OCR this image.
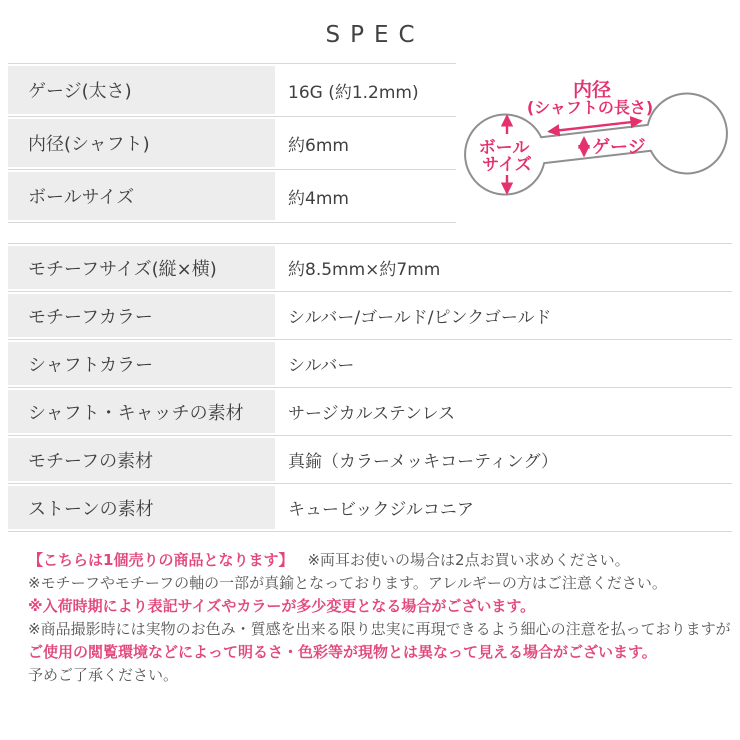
SPEC
ゲージ(太さ)	16G (約1.2mm)
内径(シャフト)	約6mm
ボールサイズ	約4mm
内径
(シャフトの長さ)
ゲージ
ボール
サイズ
モチーフサイズ(縦×横)	約8.5mm×約7mm
モチーフカラー	シルバー/ゴールド/ピンクゴールド
シャフトカラー	シルバー
シャフト・キャッチの素材	サージカルステンレス
モチーフの素材	真鍮（カラーメッキコーティング）
ストーンの素材	キュービックジルコニア
【こちらは1個売りの商品となります】 ※両耳お使いの場合は2点お買い求めください。
※モチーフやモチーフの軸の一部が真鍮となっております。アレルギーの方はご注意ください。
※入荷時期により表記サイズやカラーが多少変更となる場合がございます。
※商品撮影時には実物のお色み・質感を出来る限り忠実に再現できるよう細心の注意を払っておりますが
ご使用の閲覧環境などによって明るさ・色彩等が現物とは異なって見える場合がございます。
予めご了承ください。
